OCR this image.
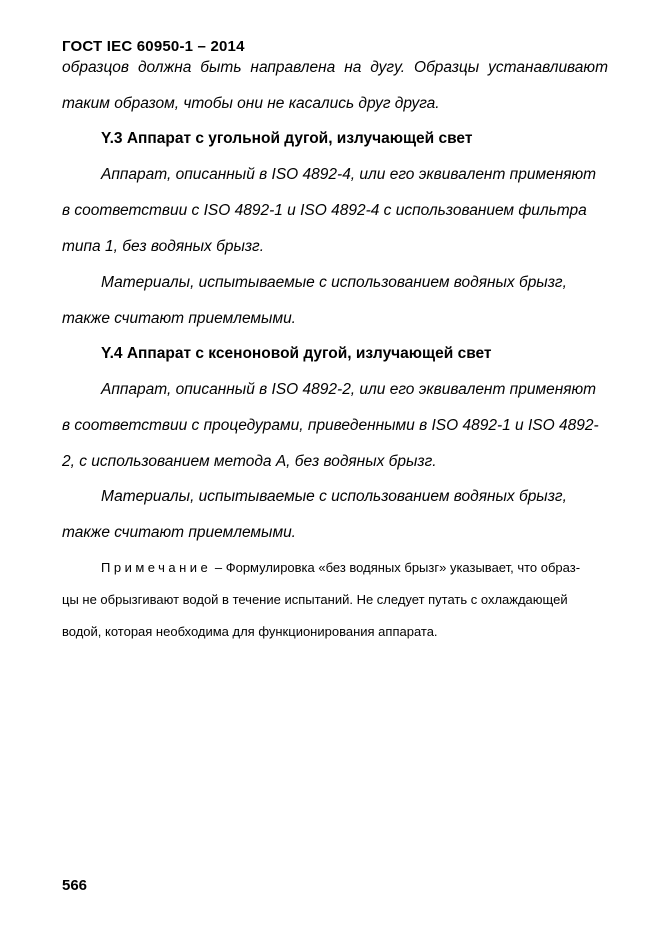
ГОСТ IEC 60950-1 – 2014
образцов должна быть направлена на дугу. Образцы устанавливают
таким образом, чтобы они не касались друг друга.
Y.3 Аппарат с угольной дугой, излучающей свет
Аппарат, описанный в ISO 4892-4, или его эквивалент применяют
в соответствии с ISO 4892-1 и ISO 4892-4 с использованием фильтра
типа 1, без водяных брызг.
Материалы, испытываемые с использованием водяных брызг,
также считают приемлемыми.
Y.4 Аппарат с ксеноновой дугой, излучающей свет
Аппарат, описанный в ISO 4892-2, или его эквивалент применяют
в соответствии с процедурами, приведенными в ISO 4892-1 и ISO 4892-
2, с использованием метода A, без водяных брызг.
Материалы, испытываемые с использованием водяных брызг,
также считают приемлемыми.
Примечание – Формулировка «без водяных брызг» указывает, что образ-
цы не обрызгивают водой в течение испытаний. Не следует путать с охлаждающей
водой, которая необходима для функционирования аппарата.
566
